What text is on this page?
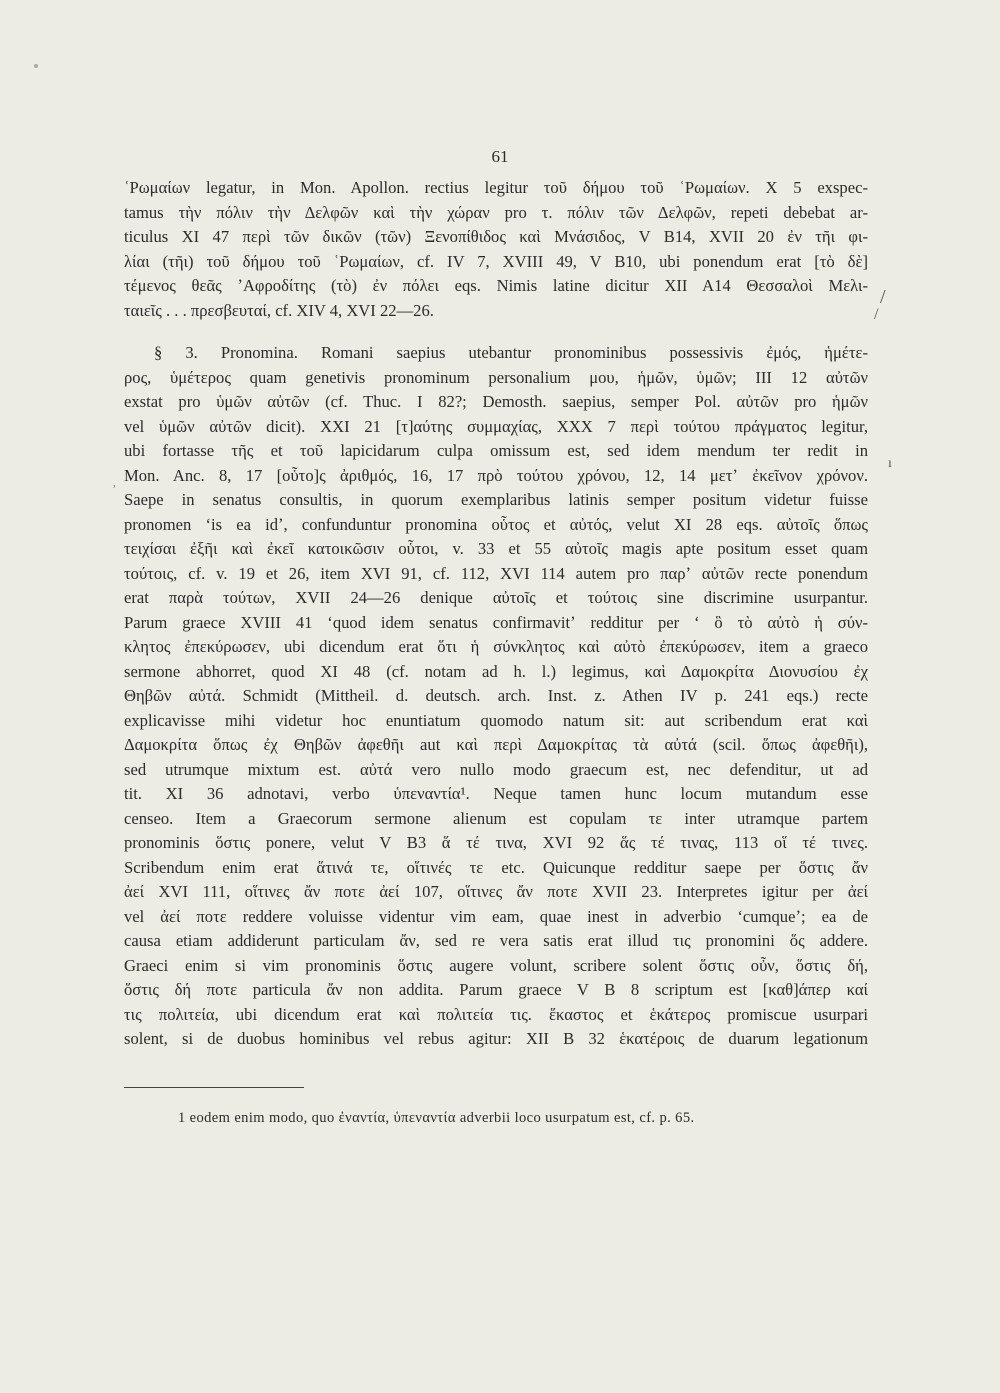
61
ʿΡωμαίων legatur, in Mon. Apollon. rectius legitur τοῦ δήμου τοῦ ʿΡωμαίων. X 5 exspec-
tamus τὴν πόλιν τὴν Δελφῶν καὶ τὴν χώραν pro τ. πόλιν τῶν Δελφῶν, repeti debebat ar-
ticulus XI 47 περὶ τῶν δικῶν (τῶν) Ξενοπίθιδος καὶ Μνάσιδος, V B14, XVII 20 ἐν τῆι φι-
λίαι (τῆι) τοῦ δήμου τοῦ ʿΡωμαίων, cf. IV 7, XVIII 49, V B10, ubi ponendum erat [τὸ δὲ]
τέμενος θεᾶς ʼΑφροδίτης (τὸ) ἐν πόλει eqs. Nimis latine dicitur XII A14 Θεσσαλοὶ Μελι-
ταιεῖς . . . πρεσβευταί, cf. XIV 4, XVI 22—26.
§ 3. Pronomina. Romani saepius utebantur pronominibus possessivis ἐμός, ἡμέτε-
ρος, ὑμέτερος quam genetivis pronominum personalium μου, ἡμῶν, ὑμῶν; III 12 αὐτῶν
exstat pro ὑμῶν αὐτῶν (cf. Thuc. I 82?; Demosth. saepius, semper Pol. αὐτῶν pro ἡμῶν
vel ὑμῶν αὐτῶν dicit). XXI 21 [τ]αύτης συμμαχίας, XXX 7 περὶ τούτου πράγματος legitur,
ubi fortasse τῆς et τοῦ lapicidarum culpa omissum est, sed idem mendum ter redit in
Mon. Anc. 8, 17 [οὗτο]ς ἀριθμός, 16, 17 πρὸ τούτου χρόνου, 12, 14 μετʼ ἐκεῖνον χρόνον.
Saepe in senatus consultis, in quorum exemplaribus latinis semper positum videtur fuisse
pronomen ʻis ea idʼ, confunduntur pronomina οὗτος et αὐτός, velut XI 28 eqs. αὐτοῖς ὅπως
τειχίσαι ἐξῆι καὶ ἐκεῖ κατοικῶσιν οὗτοι, v. 33 et 55 αὐτοῖς magis apte positum esset quam
τούτοις, cf. v. 19 et 26, item XVI 91, cf. 112, XVI 114 autem pro παρʼ αὐτῶν recte ponendum
erat παρὰ τούτων, XVII 24—26 denique αὐτοῖς et τούτοις sine discrimine usurpantur.
Parum graece XVIII 41 ʻquod idem senatus confirmavitʼ redditur per ʻ ὃ τὸ αὐτὸ ἡ σύν-
κλητος ἐπεκύρωσεν, ubi dicendum erat ὅτι ἡ σύνκλητος καὶ αὐτὸ ἐπεκύρωσεν, item a graeco
sermone abhorret, quod XI 48 (cf. notam ad h. l.) legimus, καὶ Δαμοκρίτα Διονυσίου ἐχ
Θηβῶν αὐτά. Schmidt (Mittheil. d. deutsch. arch. Inst. z. Athen IV p. 241 eqs.) recte
explicavisse mihi videtur hoc enuntiatum quomodo natum sit: aut scribendum erat καὶ
Δαμοκρίτα ὅπως ἐχ Θηβῶν ἀφεθῆι aut καὶ περὶ Δαμοκρίτας τὰ αὐτά (scil. ὅπως ἀφεθῆι),
sed utrumque mixtum est. αὐτά vero nullo modo graecum est, nec defenditur, ut ad
tit. XI 36 adnotavi, verbo ὑπεναντία¹. Neque tamen hunc locum mutandum esse
censeo. Item a Graecorum sermone alienum est copulam τε inter utramque partem
pronominis ὅστις ponere, velut V B3 ἅ τέ τινα, XVI 92 ἅς τέ τινας, 113 οἵ τέ τινες.
Scribendum enim erat ἅτινά τε, οἵτινές τε etc. Quicunque redditur saepe per ὅστις ἄν
ἀεί XVI 111, οἵτινες ἄν ποτε ἀεί 107, οἵτινες ἄν ποτε XVII 23. Interpretes igitur per ἀεί
vel ἀεί ποτε reddere voluisse videntur vim eam, quae inest in adverbio ʻcumqueʼ; ea de
causa etiam addiderunt particulam ἄν, sed re vera satis erat illud τις pronomini ὅς addere.
Graeci enim si vim pronominis ὅστις augere volunt, scribere solent ὅστις οὖν, ὅστις δή,
ὅστις δή ποτε particula ἄν non addita. Parum graece V B 8 scriptum est [καθ]άπερ καί
τις πολιτεία, ubi dicendum erat καὶ πολιτεία τις. ἕκαστος et ἑκάτερος promiscue usurpari
solent, si de duobus hominibus vel rebus agitur: XII B 32 ἑκατέροις de duarum legationum
/
/
ı
˒
1 eodem enim modo, quo ἐναντία, ὑπεναντία adverbii loco usurpatum est, cf. p. 65.
